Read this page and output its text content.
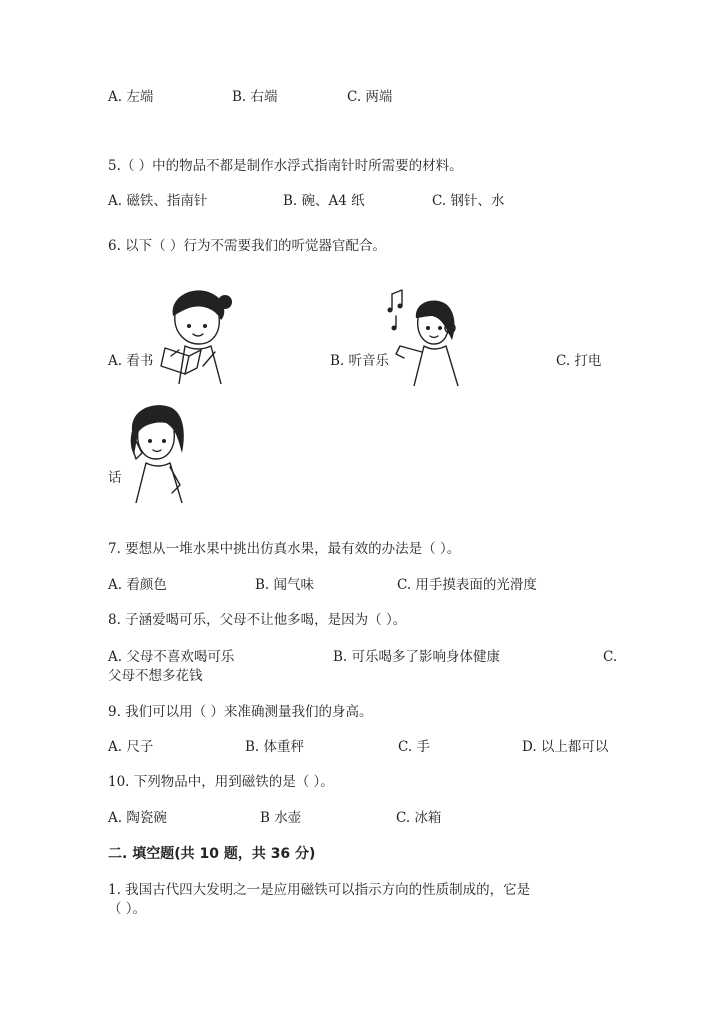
A. 左端	B. 右端	C. 两端
5.（ ）中的物品不都是制作水浮式指南针时所需要的材料。
A. 磁铁、指南针	B. 碗、A4 纸	C. 钢针、水
6. 以下（ ）行为不需要我们的听觉器官配合。
A. 看书	B. 听音乐	C. 打电
话
7. 要想从一堆水果中挑出仿真水果，最有效的办法是（ ）。
A. 看颜色	B. 闻气味	C. 用手摸表面的光滑度
8. 子涵爱喝可乐，父母不让他多喝，是因为（ ）。
A. 父母不喜欢喝可乐	B. 可乐喝多了影响身体健康	C.
父母不想多花钱
9. 我们可以用（ ）来准确测量我们的身高。
A. 尺子	B. 体重秤	C. 手	D. 以上都可以
10. 下列物品中，用到磁铁的是（ ）。
A. 陶瓷碗	B 水壶	C. 冰箱
二. 填空题(共 10 题，共 36 分)
1. 我国古代四大发明之一是应用磁铁可以指示方向的性质制成的，它是
（ ）。
